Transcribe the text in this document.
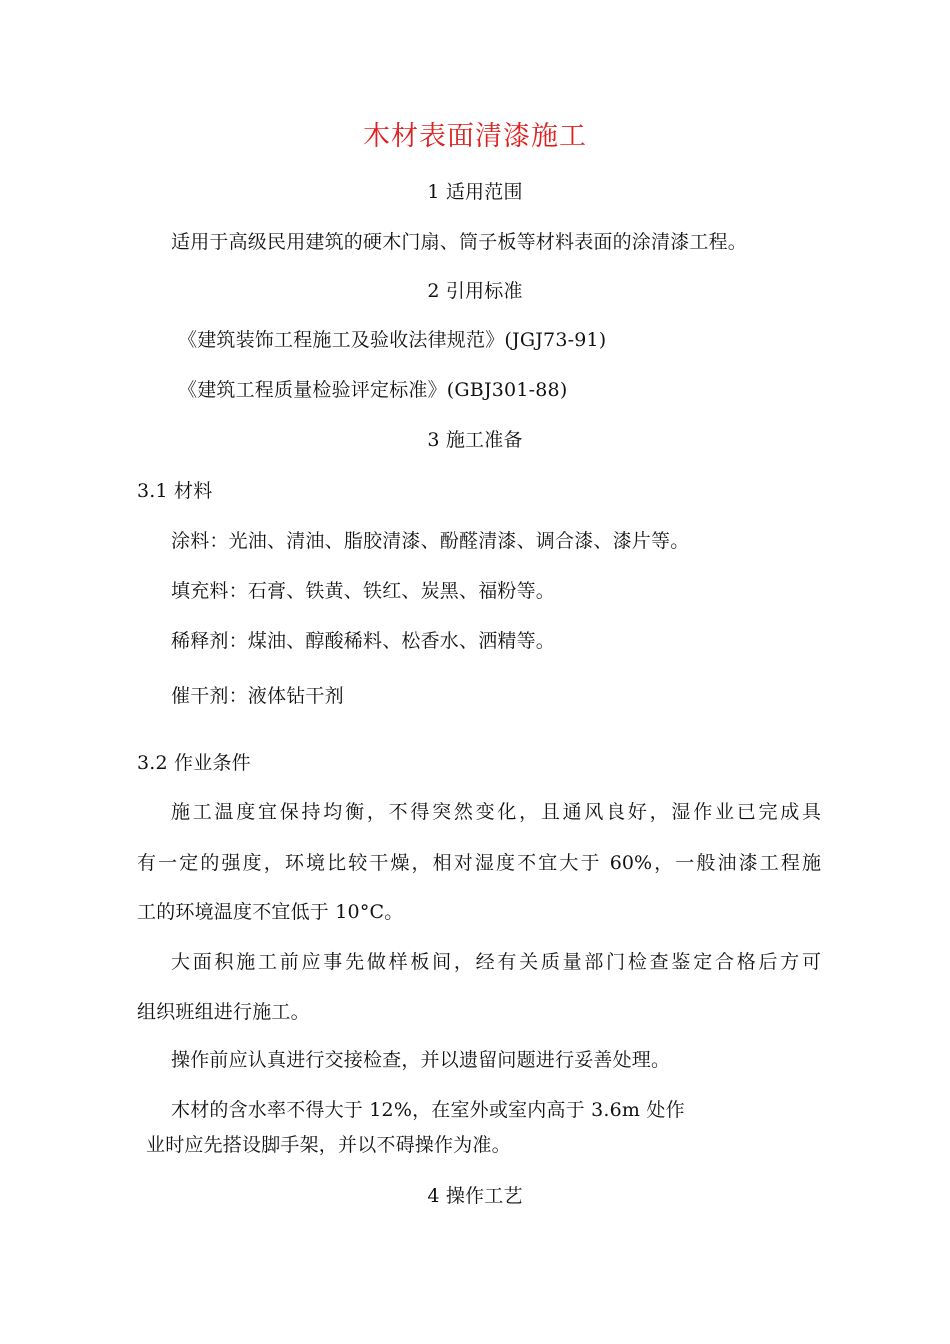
木材表面清漆施工
1 适用范围
适用于高级民用建筑的硬木门扇、筒子板等材料表面的涂清漆工程。
2 引用标准
《建筑装饰工程施工及验收法律规范》(JGJ73-91)
《建筑工程质量检验评定标准》(GBJ301-88)
3 施工准备
3.1 材料
涂料：光油、清油、脂胶清漆、酚醛清漆、调合漆、漆片等。
填充料：石膏、铁黄、铁红、炭黑、福粉等。
稀释剂：煤油、醇酸稀料、松香水、洒精等。
催干剂：液体钻干剂
3.2 作业条件
施工温度宜保持均衡，不得突然变化，且通风良好，湿作业已完成具
有一定的强度，环境比较干燥，相对湿度不宜大于 60%，一般油漆工程施
工的环境温度不宜低于 10°C。
大面积施工前应事先做样板间，经有关质量部门检查鉴定合格后方可
组织班组进行施工。
操作前应认真进行交接检查，并以遗留问题进行妥善处理。
木材的含水率不得大于 12%，在室外或室内高于 3.6m 处作
业时应先搭设脚手架，并以不碍操作为准。
4 操作工艺
